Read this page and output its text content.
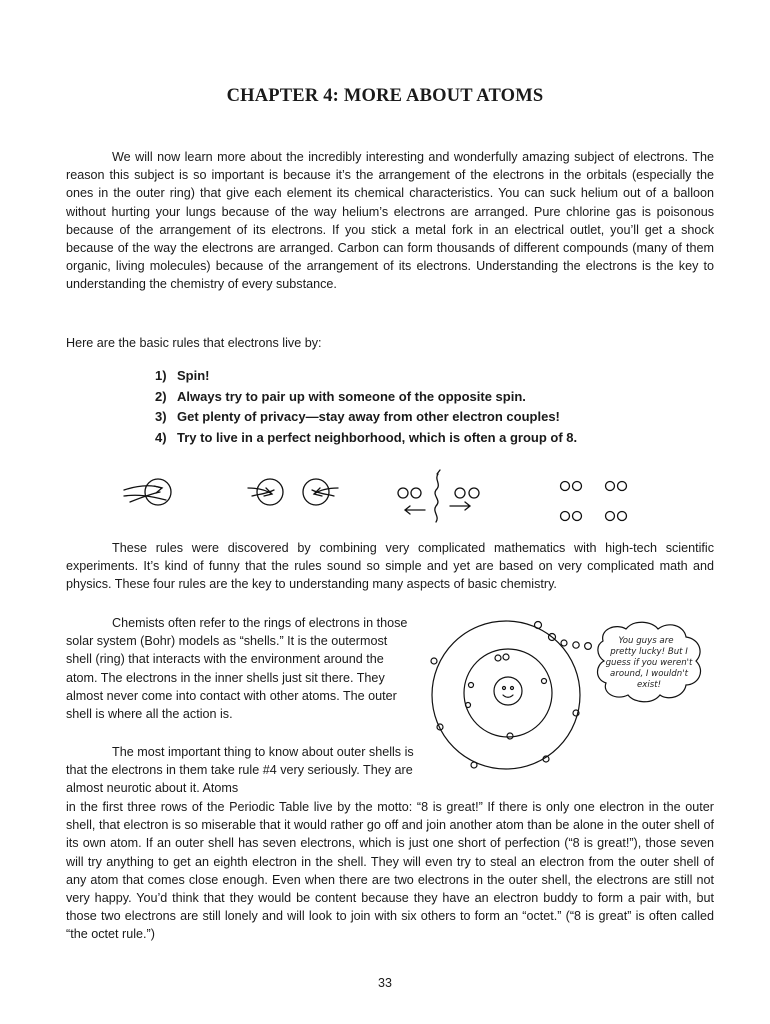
CHAPTER 4: MORE ABOUT ATOMS

We will now learn more about the incredibly interesting and wonderfully amazing subject of electrons. The reason this subject is so important is because it’s the arrangement of the electrons in the orbitals (especially the ones in the outer ring) that give each element its chemical characteristics. You can suck helium out of a balloon without hurting your lungs because of the way helium’s electrons are arranged. Pure chlorine gas is poisonous because of the arrangement of its electrons. If you stick a metal fork in an electrical outlet, you’ll get a shock because of the way the electrons are arranged. Carbon can form thousands of different compounds (many of them organic, living molecules) because of the arrangement of its electrons. Understanding the electrons is the key to understanding the chemistry of every substance.

Here are the basic rules that electrons live by:

1) Spin!
2) Always try to pair up with someone of the opposite spin.
3) Get plenty of privacy—stay away from other electron couples!
4) Try to live in a perfect neighborhood, which is often a group of 8.

These rules were discovered by combining very complicated mathematics with high-tech scientific experiments. It’s kind of funny that the rules sound so simple and yet are based on very complicated math and physics. These four rules are the key to understanding many aspects of basic chemistry.

Chemists often refer to the rings of electrons in those solar system (Bohr) models as “shells.” It is the outermost shell (ring) that interacts with the environment around the atom. The electrons in the inner shells just sit there. They almost never come into contact with other atoms. The outer shell is where all the action is.

The most important thing to know about outer shells is that the electrons in them take rule #4 very seriously. They are almost neurotic about it. Atoms

in the first three rows of the Periodic Table live by the motto: “8 is great!” If there is only one electron in the outer shell, that electron is so miserable that it would rather go off and join another atom than be alone in the outer shell of its own atom. If an outer shell has seven electrons, which is just one short of perfection (“8 is great!”), those seven will try anything to get an eighth electron in the shell. They will even try to steal an electron from the outer shell of any atom that comes close enough. Even when there are two electrons in the outer shell, the electrons are still not very happy. You’d think that they would be content because they have an electron buddy to form a pair with, but those two electrons are still lonely and will look to join with six others to form an “octet.” (“8 is great” is often called “the octet rule.”)

You guys are
pretty lucky! But I
guess if you weren't
around, I wouldn't
exist!
33
